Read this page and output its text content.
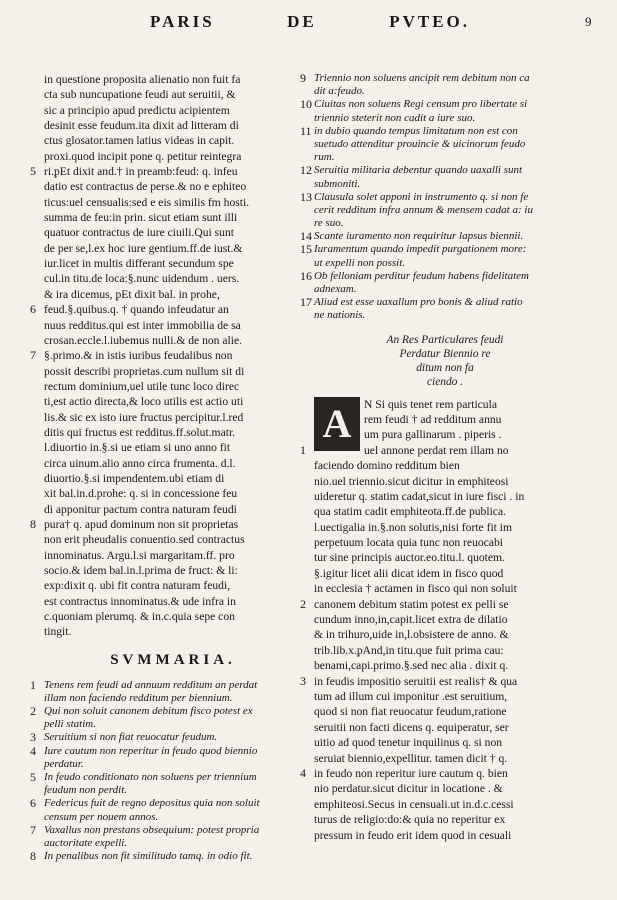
PARIS	DE	PVTEO.	9
in questione proposita alienatio non fuit fa
cta sub nuncupatione feudi aut seruitii, &
sic a principio apud predictu acipientem
desinit esse feudum.ita dixit ad litteram di
ctus glosator.tamen latius videas in capit.
proxi.quod incipit pone q. petitur reintegra
5 ri.ᵱEt dixit and.† in preamb:feud: q. infeu
datio est contractus de perse.& no e ephiteo
ticus:uel censualis:sed e eis similis fm hosti.
summa de feu:in prin. sicut etiam sunt illi
quatuor contractus de iure ciuili.Qui sunt
de per se,l.ex hoc iure gentium.ff.de iust.&
iur.licet in multis differant secundum spe
cul.in titu.de loca:§.nunc uidendum . uers.
& ira dicemus, ᵱEt dixit bal. in prohe,
6 feud.§.quibus.q. † quando infeudatur an
nuus redditus.qui est inter immobilia de sa
crosan.eccle.l.iubemus nulli.& de non alie.
7 §.primo.& in istis iuribus feudalibus non
possit describi proprietas.cum nullum sit di
rectum dominium,uel utile tunc loco direc
ti,est actio directa,& loco utilis est actio uti
lis.& sic ex isto iure fructus percipitur.l.red
ditis qui fructus est redditus.ff.solut.matr.
l.diuortio in.§.si ue etiam si uno anno fit
circa uinum.alio anno circa frumenta. d.l.
diuortio.§.si impendentem.ubi etiam di
xit bal.in.d.prohe: q. si in concessione feu
di apponitur pactum contra naturam feudi
8 pura† q. apud dominum non sit proprietas
non erit pheudalis conuentio.sed contractus
innominatus. Argu.l.si margaritam.ff. pro
socio.& idem bal.in.l.prima de fruct: & li:
exp:dixit q. ubi fit contra naturam feudi,
est contractus innominatus.& ude infra in
c.quoniam plerumq. & in.c.quia sepe con
tingit.
SVMMARIA.
1 Tenens rem feudi ad annuum redditum an perdat
illam non faciendo redditum per biennium.
2 Qui non soluit canonem debitum fisco potest ex
pelli statim.
3 Seruitium si non fiat reuocatur feudum.
4 Iure cautum non reperitur in feudo quod biennio
perdatur.
5 In feudo conditionato non soluens per triennium
feudum non perdit.
6 Federicus fuit de regno depositus quia non soluit
censum per nouem annos.
7 Vaxallus non prestans obsequium: potest propria
auctoritate expelli.
8 In penalibus non fit similitudo tamq. in odio fit.
9 Triennio non soluens ancipit rem debitum non ca
dit a:feudo.
10 Ciuitas non soluens Regi censum pro libertate si
triennio steterit non cadit a iure suo.
11 in dubio quando tempus limitatum non est con
suetudo attenditur prouincie & uicinorum feudo
rum.
12 Seruitia militaria debentur quando uaxalli sunt
submoniti.
13 Clausula solet apponi in instrumento q. si non fe
cerit redditum infra annum & mensem cadat a: iu
re suo.
14 Scante iuramento non requiritur lapsus biennii.
15 Iuramentum quando impedit purgationem more:
ut expelli non possit.
16 Ob felloniam perditur feudum habens fidelitatem
adnexam.
17 Aliud est esse uaxallum pro bonis & aliud ratio
ne nationis.
An Res Particulares feudi
Perdatur Biennio re
ditum non fa
ciendo .
A	N Si quis tenet rem particula
rem feudi † ad redditum annu
um pura gallinarum . piperis .
1	uel annone perdat rem illam no
faciendo domino redditum bien
nio.uel triennio.sicut dicitur in emphiteosi
uideretur q. statim cadat,sicut in iure fisci . in
qua statim cadit emphiteota.ff.de publica.
l.uectigalia in.§.non solutis,nisi forte fit im
perpetuum locata quia tunc non reuocabi
tur sine principis auctor.eo.titu.l. quotem.
§.igitur licet alii dicat idem in fisco quod
in ecclesia † actamen in fisco qui non soluit
2 canonem debitum statim potest ex pelli se
cundum inno,in,capit.licet extra de dilatio
& in trihuro,uide in,l.obsistere de anno. &
trib.lib.x.ᵱAnd,in titu.que fuit prima cau:
benami,capi.primo.§.sed nec alia . dixit q.
3 in feudis impositio seruitii est realis† & qua
tum ad illum cui imponitur .est seruitium,
quod si non fiat reuocatur feudum,ratione
seruitii non facti dicens q. equiperatur, ser
uitio ad quod tenetur inquilinus q. si non
seruiat biennio,expellitur. tamen dicit † q.
4 in feudo non reperitur iure cautum q. bien
nio perdatur.sicut dicitur in locatione . &
emphiteosi.Secus in censuali.ut in.d.c.cessi
turus de religio:do:& quia no reperitur ex
pressum in feudo erit idem quod in cesuali
